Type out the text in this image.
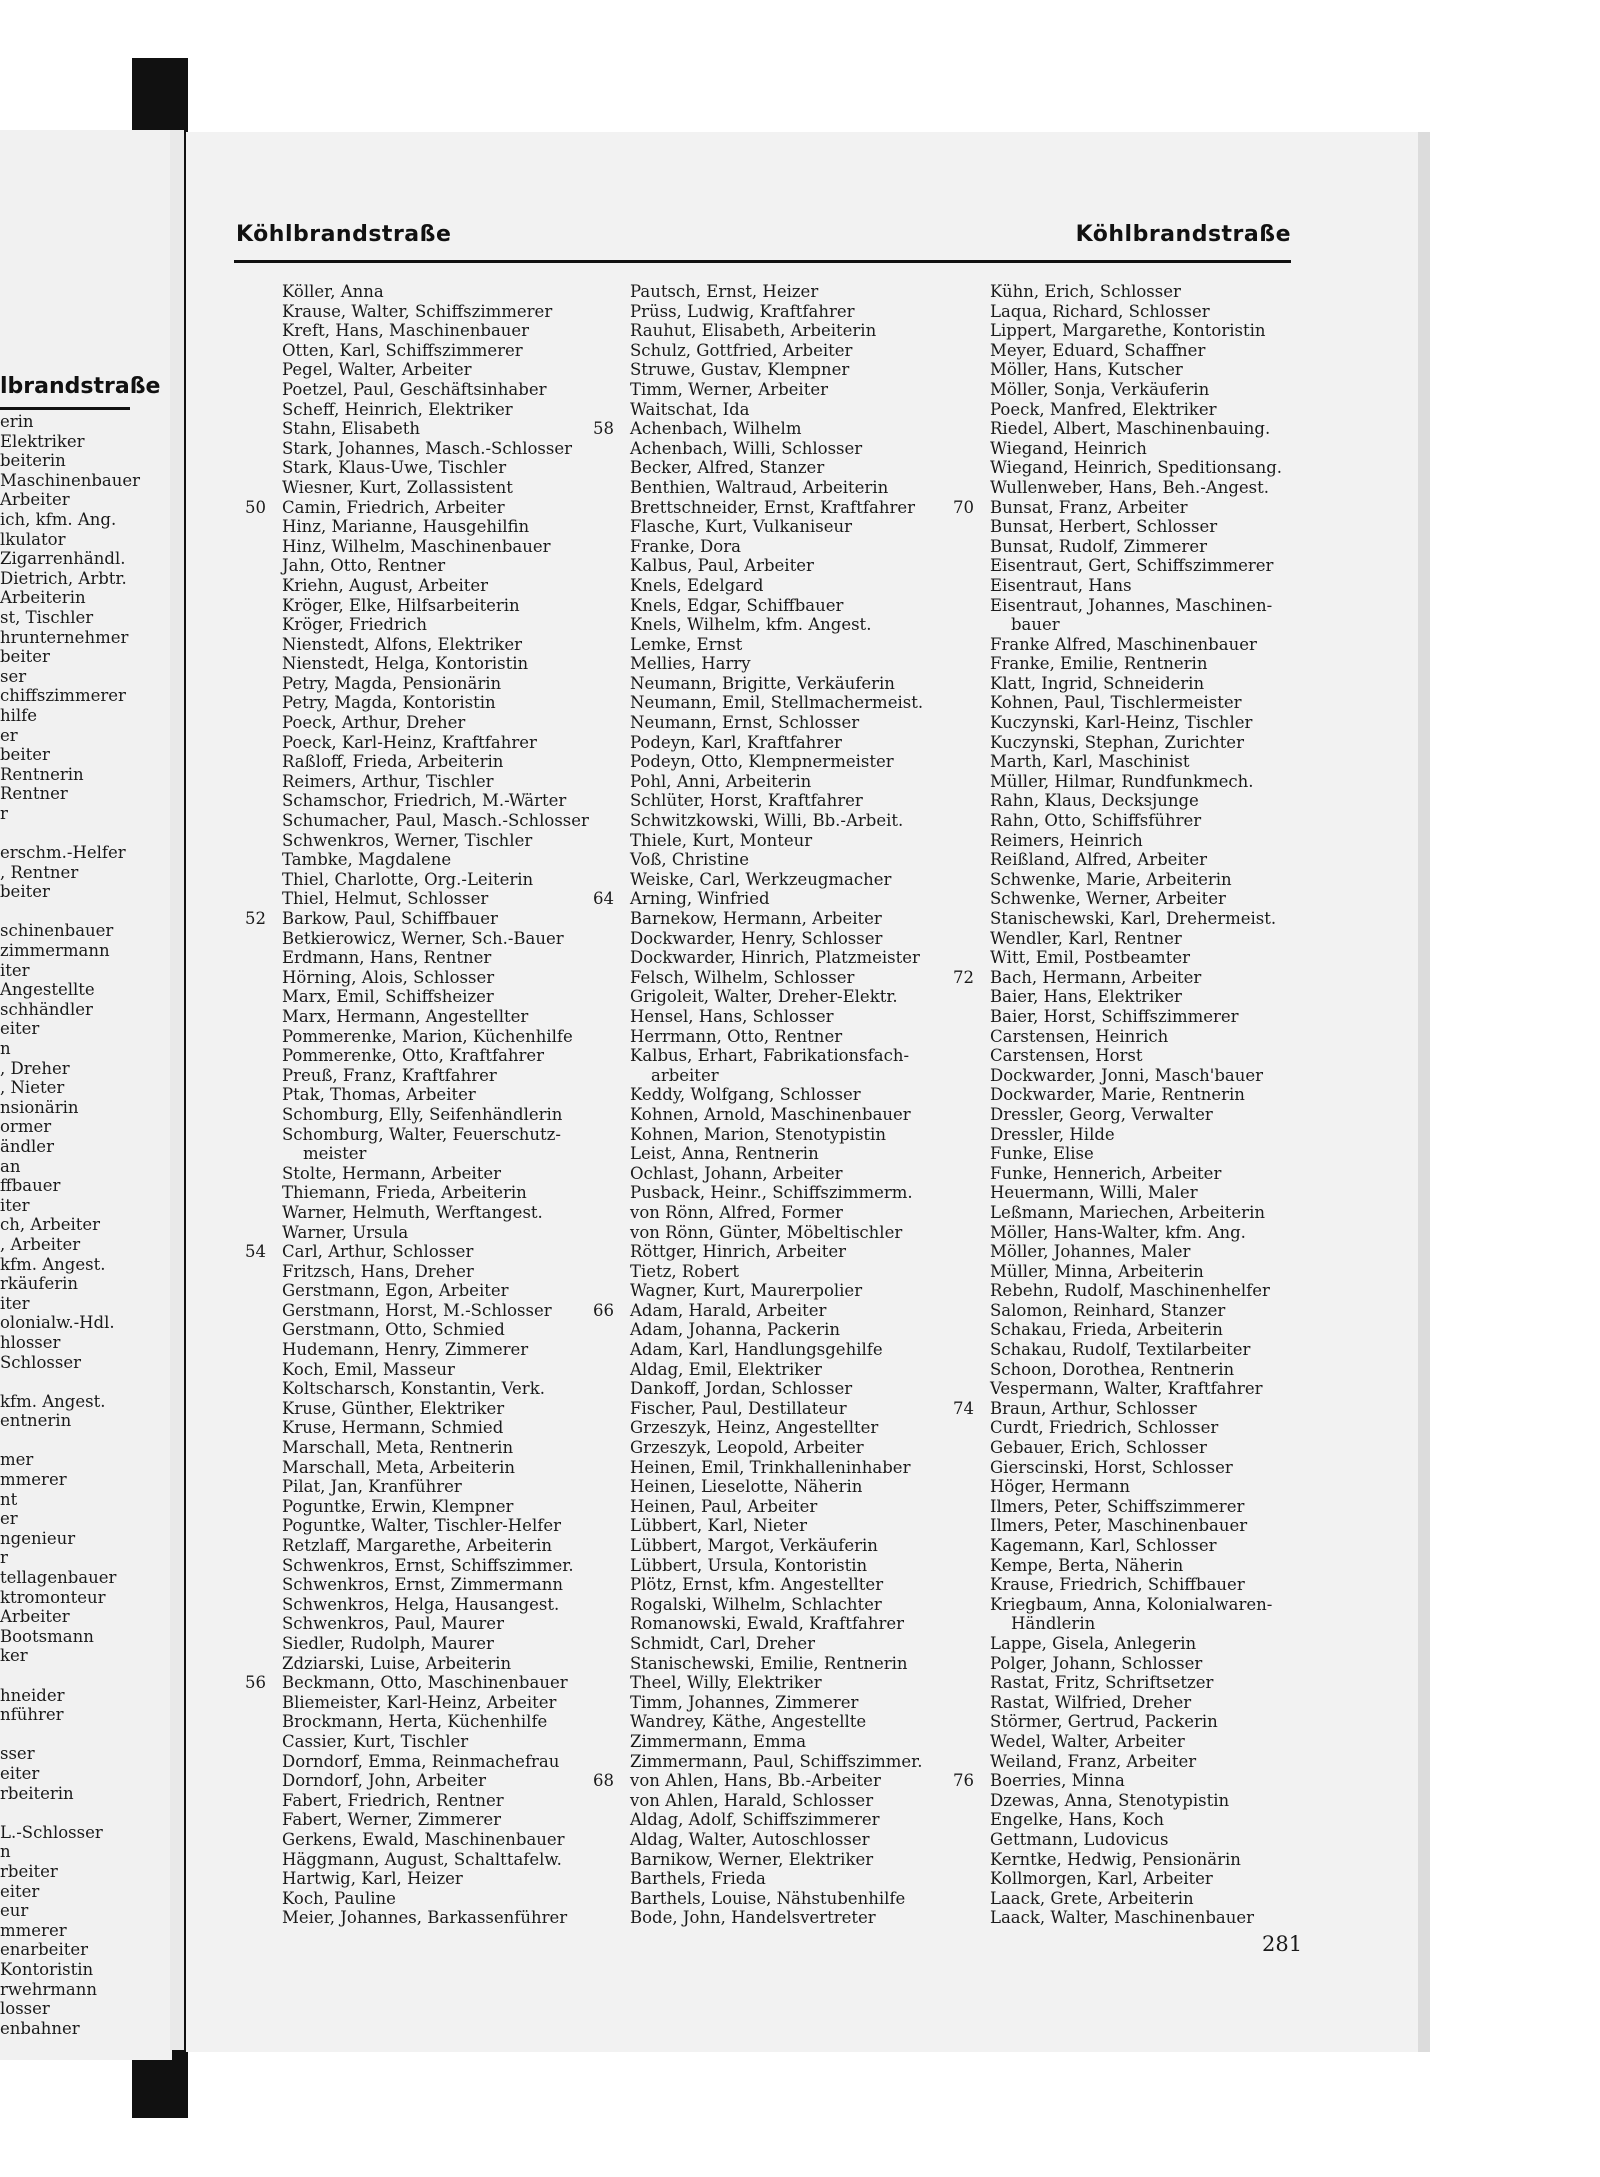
lbrandstraße
erin
Elektriker
beiterin
Maschinenbauer
Arbeiter
ich, kfm. Ang.
lkulator
Zigarrenhändl.
Dietrich, Arbtr.
Arbeiterin
st, Tischler
hrunternehmer
beiter
ser
chiffszimmerer
hilfe
er
beiter
Rentnerin
Rentner
r

erschm.-Helfer
, Rentner
beiter

schinenbauer
zimmermann
iter
Angestellte
schhändler
eiter
n
, Dreher
, Nieter
nsionärin
ormer
ändler
an
ffbauer
iter
ch, Arbeiter
, Arbeiter
kfm. Angest.
rkäuferin
iter
olonialw.-Hdl.
hlosser
Schlosser

kfm. Angest.
entnerin

mer
mmerer
nt
er
ngenieur
r
tellagenbauer
ktromonteur
Arbeiter
Bootsmann
ker

hneider
nführer

sser
eiter
rbeiterin

L.-Schlosser
n
rbeiter
eiter
eur
mmerer
enarbeiter
Kontoristin
rwehrmann
losser
enbahner
Köhlbrandstraße	Köhlbrandstraße
Köller, Anna
Krause, Walter, Schiffszimmerer
Kreft, Hans, Maschinenbauer
Otten, Karl, Schiffszimmerer
Pegel, Walter, Arbeiter
Poetzel, Paul, Geschäftsinhaber
Scheff, Heinrich, Elektriker
Stahn, Elisabeth
Stark, Johannes, Masch.-Schlosser
Stark, Klaus-Uwe, Tischler
Wiesner, Kurt, Zollassistent
50 Camin, Friedrich, Arbeiter
Hinz, Marianne, Hausgehilfin
Hinz, Wilhelm, Maschinenbauer
Jahn, Otto, Rentner
Kriehn, August, Arbeiter
Kröger, Elke, Hilfsarbeiterin
Kröger, Friedrich
Nienstedt, Alfons, Elektriker
Nienstedt, Helga, Kontoristin
Petry, Magda, Pensionärin
Petry, Magda, Kontoristin
Poeck, Arthur, Dreher
Poeck, Karl-Heinz, Kraftfahrer
Raßloff, Frieda, Arbeiterin
Reimers, Arthur, Tischler
Schamschor, Friedrich, M.-Wärter
Schumacher, Paul, Masch.-Schlosser
Schwenkros, Werner, Tischler
Tambke, Magdalene
Thiel, Charlotte, Org.-Leiterin
Thiel, Helmut, Schlosser
52 Barkow, Paul, Schiffbauer
Betkierowicz, Werner, Sch.-Bauer
Erdmann, Hans, Rentner
Hörning, Alois, Schlosser
Marx, Emil, Schiffsheizer
Marx, Hermann, Angestellter
Pommerenke, Marion, Küchenhilfe
Pommerenke, Otto, Kraftfahrer
Preuß, Franz, Kraftfahrer
Ptak, Thomas, Arbeiter
Schomburg, Elly, Seifenhändlerin
Schomburg, Walter, Feuerschutz-
meister
Stolte, Hermann, Arbeiter
Thiemann, Frieda, Arbeiterin
Warner, Helmuth, Werftangest.
Warner, Ursula
54 Carl, Arthur, Schlosser
Fritzsch, Hans, Dreher
Gerstmann, Egon, Arbeiter
Gerstmann, Horst, M.-Schlosser
Gerstmann, Otto, Schmied
Hudemann, Henry, Zimmerer
Koch, Emil, Masseur
Koltscharsch, Konstantin, Verk.
Kruse, Günther, Elektriker
Kruse, Hermann, Schmied
Marschall, Meta, Rentnerin
Marschall, Meta, Arbeiterin
Pilat, Jan, Kranführer
Poguntke, Erwin, Klempner
Poguntke, Walter, Tischler-Helfer
Retzlaff, Margarethe, Arbeiterin
Schwenkros, Ernst, Schiffszimmer.
Schwenkros, Ernst, Zimmermann
Schwenkros, Helga, Hausangest.
Schwenkros, Paul, Maurer
Siedler, Rudolph, Maurer
Zdziarski, Luise, Arbeiterin
56 Beckmann, Otto, Maschinenbauer
Bliemeister, Karl-Heinz, Arbeiter
Brockmann, Herta, Küchenhilfe
Cassier, Kurt, Tischler
Dorndorf, Emma, Reinmachefrau
Dorndorf, John, Arbeiter
Fabert, Friedrich, Rentner
Fabert, Werner, Zimmerer
Gerkens, Ewald, Maschinenbauer
Häggmann, August, Schalttafelw.
Hartwig, Karl, Heizer
Koch, Pauline
Meier, Johannes, Barkassenführer
Pautsch, Ernst, Heizer
Prüss, Ludwig, Kraftfahrer
Rauhut, Elisabeth, Arbeiterin
Schulz, Gottfried, Arbeiter
Struwe, Gustav, Klempner
Timm, Werner, Arbeiter
Waitschat, Ida
58 Achenbach, Wilhelm
Achenbach, Willi, Schlosser
Becker, Alfred, Stanzer
Benthien, Waltraud, Arbeiterin
Brettschneider, Ernst, Kraftfahrer
Flasche, Kurt, Vulkaniseur
Franke, Dora
Kalbus, Paul, Arbeiter
Knels, Edelgard
Knels, Edgar, Schiffbauer
Knels, Wilhelm, kfm. Angest.
Lemke, Ernst
Mellies, Harry
Neumann, Brigitte, Verkäuferin
Neumann, Emil, Stellmachermeist.
Neumann, Ernst, Schlosser
Podeyn, Karl, Kraftfahrer
Podeyn, Otto, Klempnermeister
Pohl, Anni, Arbeiterin
Schlüter, Horst, Kraftfahrer
Schwitzkowski, Willi, Bb.-Arbeit.
Thiele, Kurt, Monteur
Voß, Christine
Weiske, Carl, Werkzeugmacher
64 Arning, Winfried
Barnekow, Hermann, Arbeiter
Dockwarder, Henry, Schlosser
Dockwarder, Hinrich, Platzmeister
Felsch, Wilhelm, Schlosser
Grigoleit, Walter, Dreher-Elektr.
Hensel, Hans, Schlosser
Herrmann, Otto, Rentner
Kalbus, Erhart, Fabrikationsfach-
arbeiter
Keddy, Wolfgang, Schlosser
Kohnen, Arnold, Maschinenbauer
Kohnen, Marion, Stenotypistin
Leist, Anna, Rentnerin
Ochlast, Johann, Arbeiter
Pusback, Heinr., Schiffszimmerm.
von Rönn, Alfred, Former
von Rönn, Günter, Möbeltischler
Röttger, Hinrich, Arbeiter
Tietz, Robert
Wagner, Kurt, Maurerpolier
66 Adam, Harald, Arbeiter
Adam, Johanna, Packerin
Adam, Karl, Handlungsgehilfe
Aldag, Emil, Elektriker
Dankoff, Jordan, Schlosser
Fischer, Paul, Destillateur
Grzeszyk, Heinz, Angestellter
Grzeszyk, Leopold, Arbeiter
Heinen, Emil, Trinkhalleninhaber
Heinen, Lieselotte, Näherin
Heinen, Paul, Arbeiter
Lübbert, Karl, Nieter
Lübbert, Margot, Verkäuferin
Lübbert, Ursula, Kontoristin
Plötz, Ernst, kfm. Angestellter
Rogalski, Wilhelm, Schlachter
Romanowski, Ewald, Kraftfahrer
Schmidt, Carl, Dreher
Stanischewski, Emilie, Rentnerin
Theel, Willy, Elektriker
Timm, Johannes, Zimmerer
Wandrey, Käthe, Angestellte
Zimmermann, Emma
Zimmermann, Paul, Schiffszimmer.
68 von Ahlen, Hans, Bb.-Arbeiter
von Ahlen, Harald, Schlosser
Aldag, Adolf, Schiffszimmerer
Aldag, Walter, Autoschlosser
Barnikow, Werner, Elektriker
Barthels, Frieda
Barthels, Louise, Nähstubenhilfe
Bode, John, Handelsvertreter
Kühn, Erich, Schlosser
Laqua, Richard, Schlosser
Lippert, Margarethe, Kontoristin
Meyer, Eduard, Schaffner
Möller, Hans, Kutscher
Möller, Sonja, Verkäuferin
Poeck, Manfred, Elektriker
Riedel, Albert, Maschinenbauing.
Wiegand, Heinrich
Wiegand, Heinrich, Speditionsang.
Wullenweber, Hans, Beh.-Angest.
70 Bunsat, Franz, Arbeiter
Bunsat, Herbert, Schlosser
Bunsat, Rudolf, Zimmerer
Eisentraut, Gert, Schiffszimmerer
Eisentraut, Hans
Eisentraut, Johannes, Maschinen-
bauer
Franke Alfred, Maschinenbauer
Franke, Emilie, Rentnerin
Klatt, Ingrid, Schneiderin
Kohnen, Paul, Tischlermeister
Kuczynski, Karl-Heinz, Tischler
Kuczynski, Stephan, Zurichter
Marth, Karl, Maschinist
Müller, Hilmar, Rundfunkmech.
Rahn, Klaus, Decksjunge
Rahn, Otto, Schiffsführer
Reimers, Heinrich
Reißland, Alfred, Arbeiter
Schwenke, Marie, Arbeiterin
Schwenke, Werner, Arbeiter
Stanischewski, Karl, Drehermeist.
Wendler, Karl, Rentner
Witt, Emil, Postbeamter
72 Bach, Hermann, Arbeiter
Baier, Hans, Elektriker
Baier, Horst, Schiffszimmerer
Carstensen, Heinrich
Carstensen, Horst
Dockwarder, Jonni, Masch'bauer
Dockwarder, Marie, Rentnerin
Dressler, Georg, Verwalter
Dressler, Hilde
Funke, Elise
Funke, Hennerich, Arbeiter
Heuermann, Willi, Maler
Leßmann, Mariechen, Arbeiterin
Möller, Hans-Walter, kfm. Ang.
Möller, Johannes, Maler
Müller, Minna, Arbeiterin
Rebehn, Rudolf, Maschinenhelfer
Salomon, Reinhard, Stanzer
Schakau, Frieda, Arbeiterin
Schakau, Rudolf, Textilarbeiter
Schoon, Dorothea, Rentnerin
Vespermann, Walter, Kraftfahrer
74 Braun, Arthur, Schlosser
Curdt, Friedrich, Schlosser
Gebauer, Erich, Schlosser
Gierscinski, Horst, Schlosser
Höger, Hermann
Ilmers, Peter, Schiffszimmerer
Ilmers, Peter, Maschinenbauer
Kagemann, Karl, Schlosser
Kempe, Berta, Näherin
Krause, Friedrich, Schiffbauer
Kriegbaum, Anna, Kolonialwaren-
Händlerin
Lappe, Gisela, Anlegerin
Polger, Johann, Schlosser
Rastat, Fritz, Schriftsetzer
Rastat, Wilfried, Dreher
Störmer, Gertrud, Packerin
Wedel, Walter, Arbeiter
Weiland, Franz, Arbeiter
76 Boerries, Minna
Dzewas, Anna, Stenotypistin
Engelke, Hans, Koch
Gettmann, Ludovicus
Kerntke, Hedwig, Pensionärin
Kollmorgen, Karl, Arbeiter
Laack, Grete, Arbeiterin
Laack, Walter, Maschinenbauer
281
